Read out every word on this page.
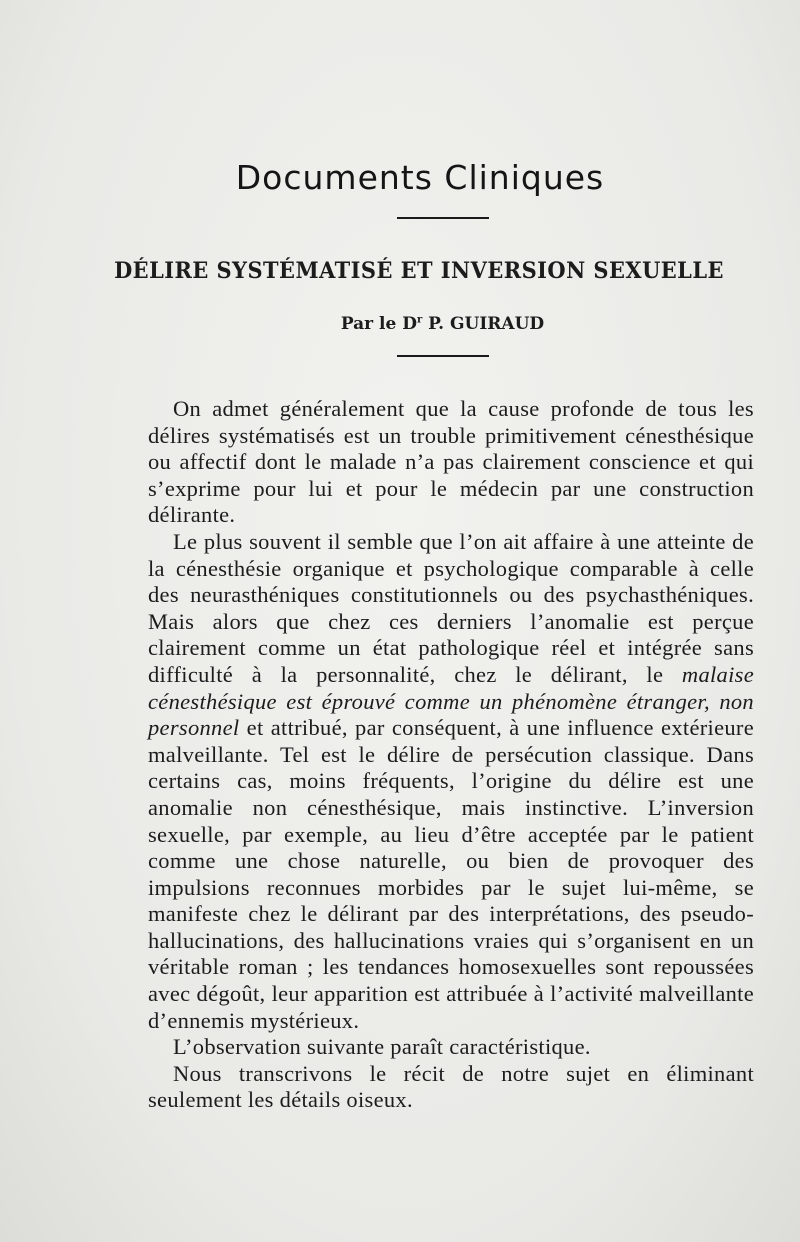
Documents Cliniques
DÉLIRE SYSTÉMATISÉ ET INVERSION SEXUELLE
Par le $D^r$ P. GUIRAUD

On admet généralement que la cause profonde de tous les délires systématisés est un trouble primitivement cénesthésique ou affectif dont le malade n’a pas clairement conscience et qui s’exprime pour lui et pour le médecin par une construction délirante.

Le plus souvent il semble que l’on ait affaire à une atteinte de la cénesthésie organique et psychologique comparable à celle des neurasthéniques constitutionnels ou des psychasthéniques. Mais alors que chez ces derniers l’anomalie est perçue clairement comme un état pathologique réel et intégrée sans difficulté à la personnalité, chez le délirant, le malaise cénesthésique est éprouvé comme un phénomène étranger, non personnel et attribué, par conséquent, à une influence extérieure malveillante. Tel est le délire de persécution classique. Dans certains cas, moins fréquents, l’origine du délire est une anomalie non cénesthésique, mais instinctive. L’inversion sexuelle, par exemple, au lieu d’être acceptée par le patient comme une chose naturelle, ou bien de provoquer des impulsions reconnues morbides par le sujet lui-même, se manifeste chez le délirant par des interprétations, des pseudo-hallucinations, des hallucinations vraies qui s’organisent en un véritable roman ; les tendances homosexuelles sont repoussées avec dégoût, leur apparition est attribuée à l’activité malveillante d’ennemis mystérieux.

L’observation suivante paraît caractéristique.

Nous transcrivons le récit de notre sujet en éliminant seulement les détails oiseux.
